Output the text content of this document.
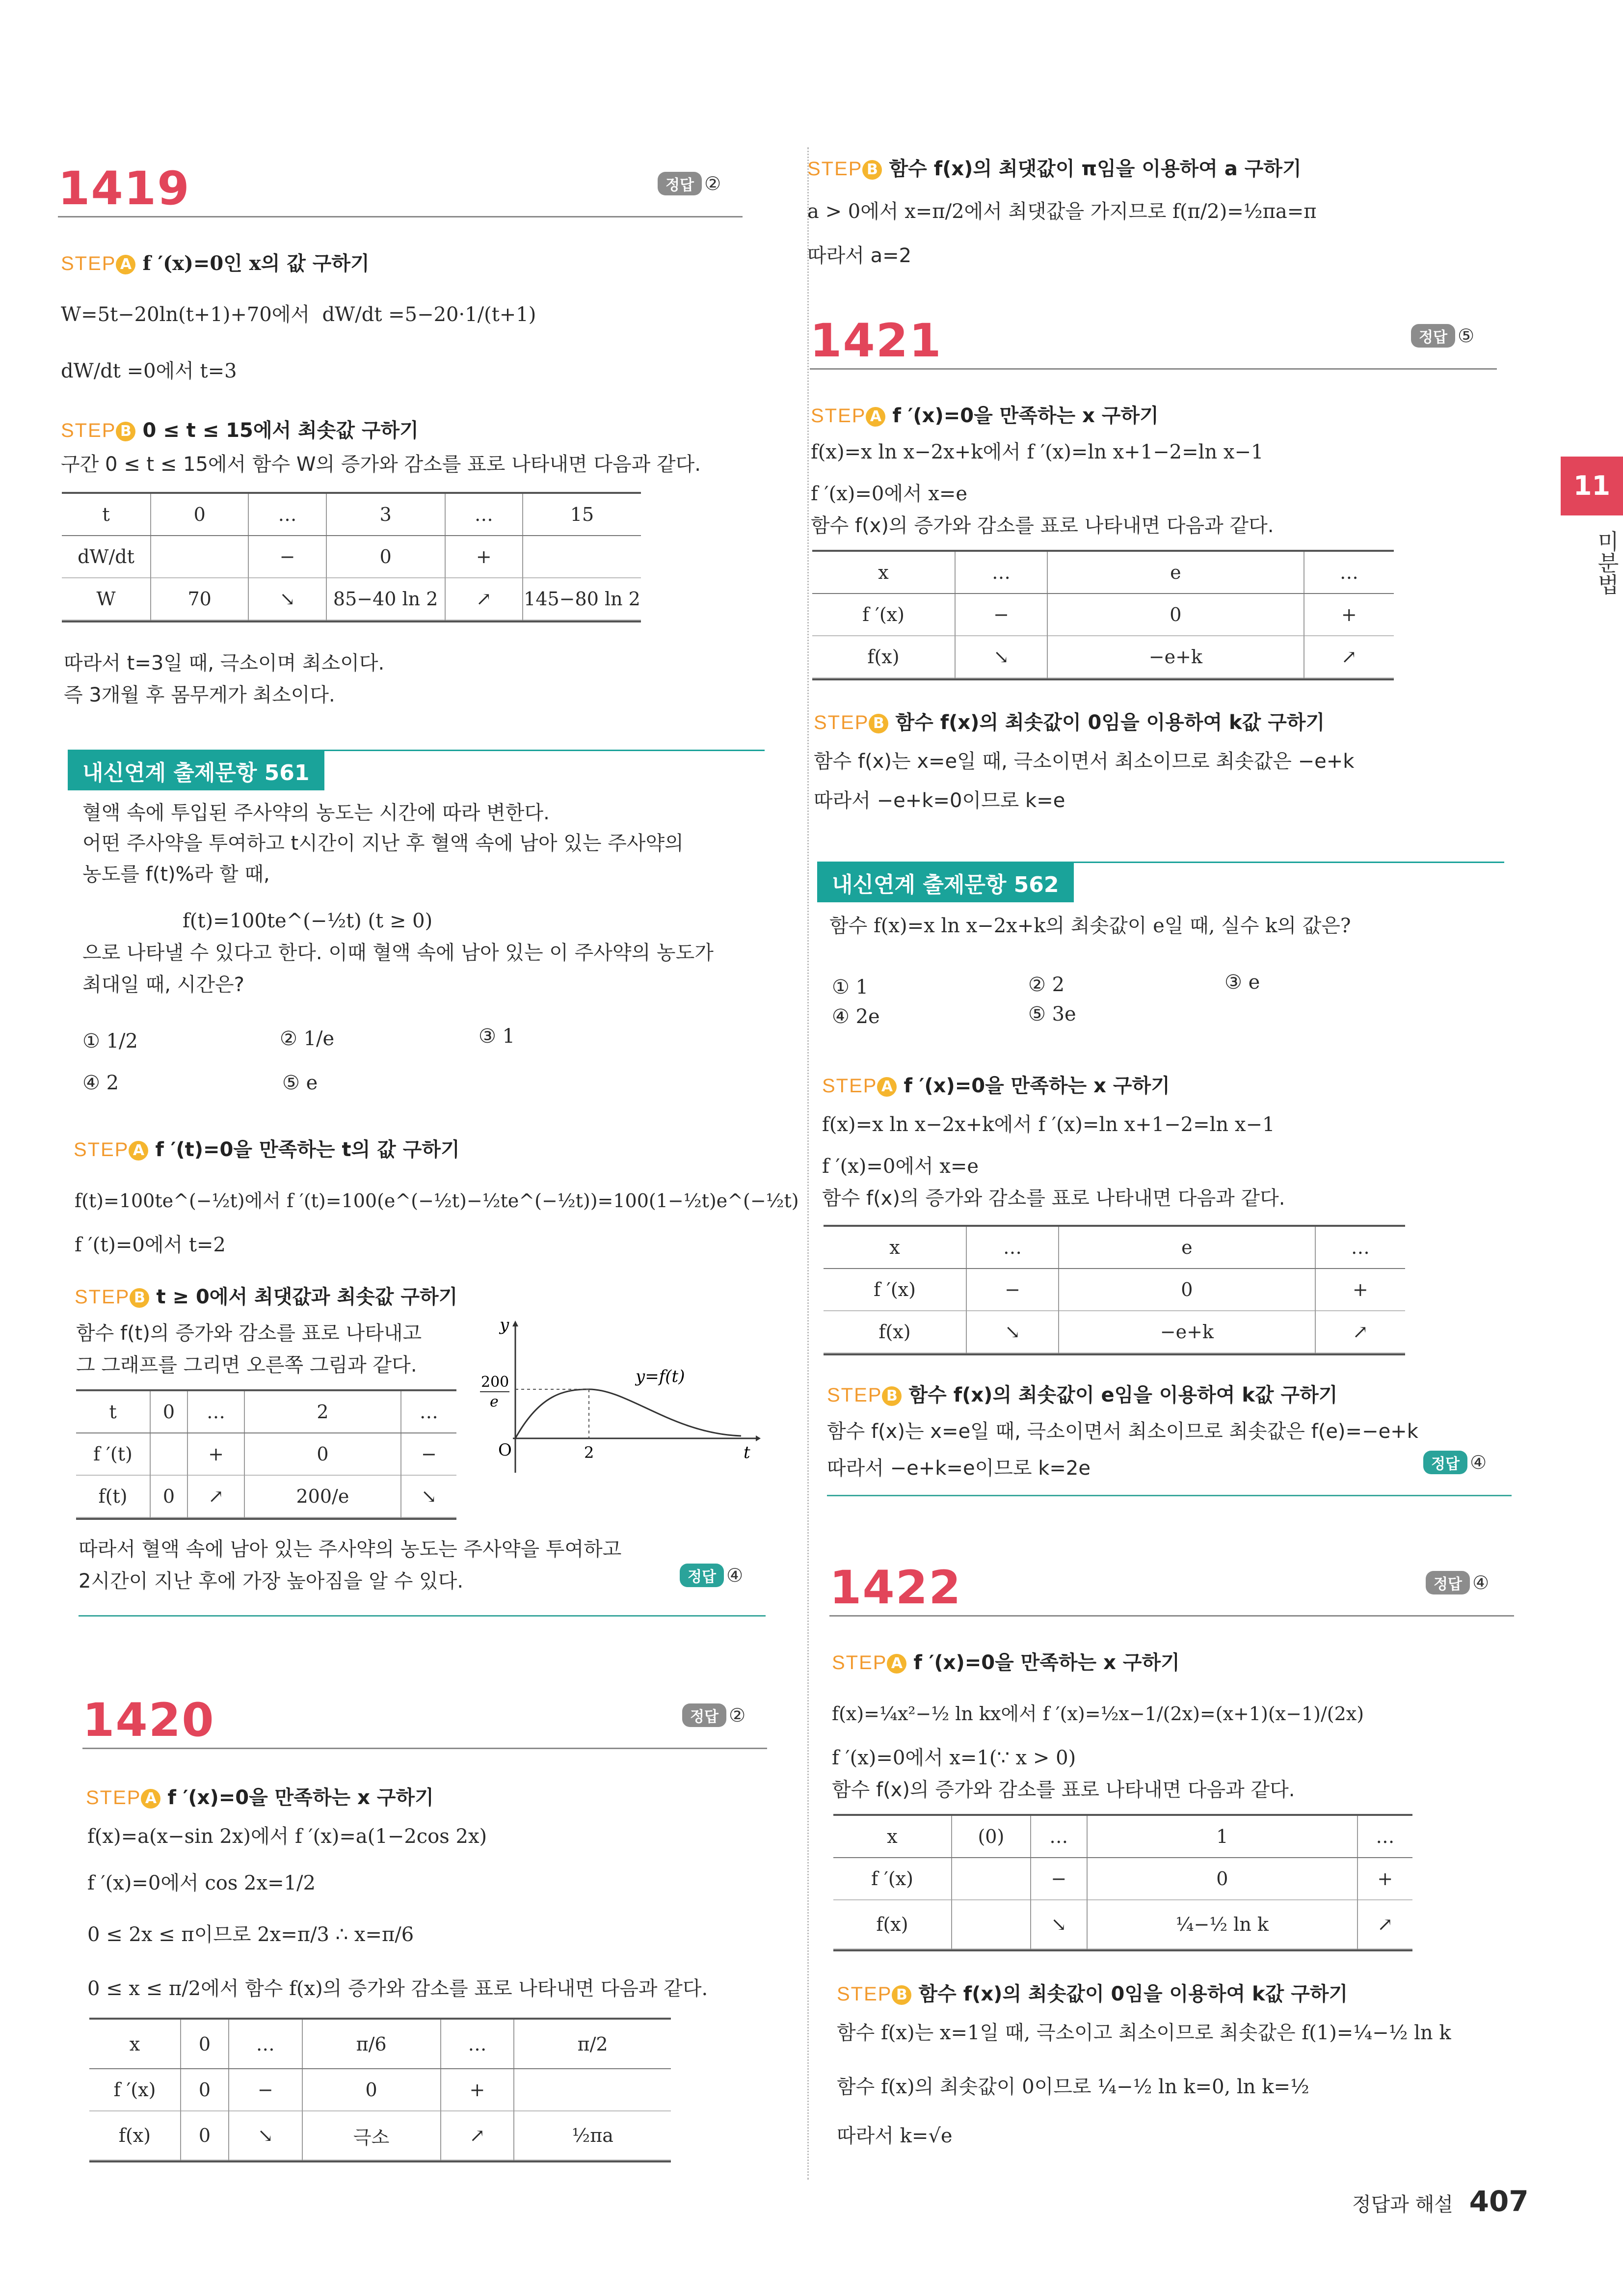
11
미분법
1419	정답 ②
STEP A f ′(x)=0인 x의 값 구하기
W=5t−20ln(t+1)+70에서 dW/dt =5−20·1/(t+1)
dW/dt =0에서 t=3
STEP B 0 ≤ t ≤ 15에서 최솟값 구하기
구간 0 ≤ t ≤ 15에서 함수 W의 증가와 감소를 표로 나타내면 다음과 같다.
t	0	…	3	…	15
dW/dt		−	0	+	
W	70	↘	85−40 ln 2	↗	145−80 ln 2
따라서 t=3일 때, 극소이며 최소이다.
즉 3개월 후 몸무게가 최소이다.
내신연계 출제문항 561
혈액 속에 투입된 주사약의 농도는 시간에 따라 변한다.
어떤 주사약을 투여하고 t시간이 지난 후 혈액 속에 남아 있는 주사약의
농도를 f(t)%라 할 때,
f(t)=100te^(−½t) (t ≥ 0)
으로 나타낼 수 있다고 한다. 이때 혈액 속에 남아 있는 이 주사약의 농도가
최대일 때, 시간은?
① 1/2	② 1/e	③ 1
④ 2	⑤ e
STEP A f ′(t)=0을 만족하는 t의 값 구하기
f(t)=100te^(−½t)에서 f ′(t)=100(e^(−½t)−½te^(−½t))=100(1−½t)e^(−½t)
f ′(t)=0에서 t=2
STEP B t ≥ 0에서 최댓값과 최솟값 구하기
함수 f(t)의 증가와 감소를 표로 나타내고
그 그래프를 그리면 오른쪽 그림과 같다.
t	0	…	2	…
f ′(t)		+	0	−
f(t)	0	↗	200/e	↘
y
t
O
y=f(t)
200
e
2
따라서 혈액 속에 남아 있는 주사약의 농도는 주사약을 투여하고
2시간이 지난 후에 가장 높아짐을 알 수 있다.	정답 ④
1420	정답 ②
STEP A f ′(x)=0을 만족하는 x 구하기
f(x)=a(x−sin 2x)에서 f ′(x)=a(1−2cos 2x)
f ′(x)=0에서 cos 2x=1/2
0 ≤ 2x ≤ π이므로 2x=π/3 ∴ x=π/6
0 ≤ x ≤ π/2에서 함수 f(x)의 증가와 감소를 표로 나타내면 다음과 같다.
x	0	…	π/6	…	π/2
f ′(x)	0	−	0	+	
f(x)	0	↘	극소	↗	½πa
STEP B 함수 f(x)의 최댓값이 π임을 이용하여 a 구하기
a > 0에서 x=π/2에서 최댓값을 가지므로 f(π/2)=½πa=π
따라서 a=2
1421	정답 ⑤
STEP A f ′(x)=0을 만족하는 x 구하기
f(x)=x ln x−2x+k에서 f ′(x)=ln x+1−2=ln x−1
f ′(x)=0에서 x=e
함수 f(x)의 증가와 감소를 표로 나타내면 다음과 같다.
x	…	e	…
f ′(x)	−	0	+
f(x)	↘	−e+k	↗
STEP B 함수 f(x)의 최솟값이 0임을 이용하여 k값 구하기
함수 f(x)는 x=e일 때, 극소이면서 최소이므로 최솟값은 −e+k
따라서 −e+k=0이므로 k=e
내신연계 출제문항 562
함수 f(x)=x ln x−2x+k의 최솟값이 e일 때, 실수 k의 값은?
① 1	② 2	③ e
④ 2e	⑤ 3e
STEP A f ′(x)=0을 만족하는 x 구하기
f(x)=x ln x−2x+k에서 f ′(x)=ln x+1−2=ln x−1
f ′(x)=0에서 x=e
함수 f(x)의 증가와 감소를 표로 나타내면 다음과 같다.
x	…	e	…
f ′(x)	−	0	+
f(x)	↘	−e+k	↗
STEP B 함수 f(x)의 최솟값이 e임을 이용하여 k값 구하기
함수 f(x)는 x=e일 때, 극소이면서 최소이므로 최솟값은 f(e)=−e+k
따라서 −e+k=e이므로 k=2e	정답 ④
1422	정답 ④
STEP A f ′(x)=0을 만족하는 x 구하기
f(x)=¼x²−½ ln kx에서 f ′(x)=½x−1/(2x)=(x+1)(x−1)/(2x)
f ′(x)=0에서 x=1(∵ x > 0)
함수 f(x)의 증가와 감소를 표로 나타내면 다음과 같다.
x	(0)	…	1	…
f ′(x)		−	0	+
f(x)		↘	¼−½ ln k	↗
STEP B 함수 f(x)의 최솟값이 0임을 이용하여 k값 구하기
함수 f(x)는 x=1일 때, 극소이고 최소이므로 최솟값은 f(1)=¼−½ ln k
함수 f(x)의 최솟값이 0이므로 ¼−½ ln k=0, ln k=½
따라서 k=√e
정답과 해설 407
